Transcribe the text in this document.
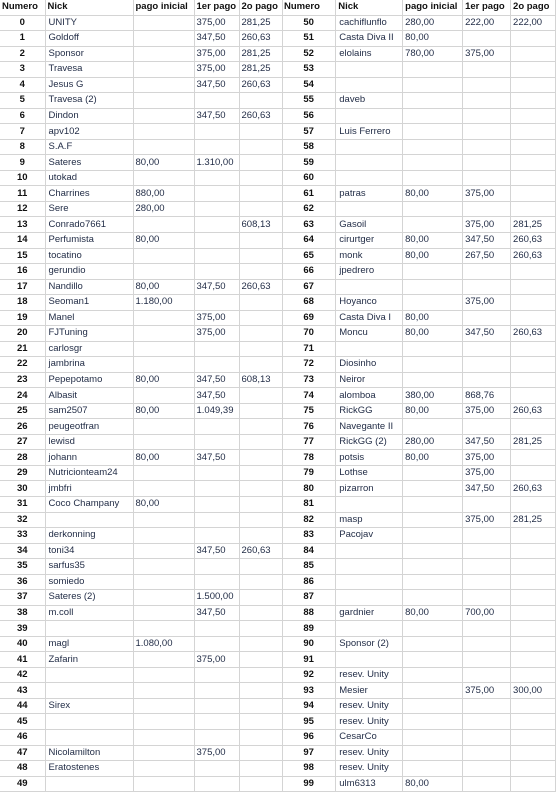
Numero	Nick	pago inicial	1er pago	2o pago
0	UNITY		375,00	281,25
1	Goldoff		347,50	260,63
2	Sponsor		375,00	281,25
3	Travesa		375,00	281,25
4	Jesus G		347,50	260,63
5	Travesa (2)			
6	Dindon		347,50	260,63
7	apv102			
8	S.A.F			
9	Sateres	80,00	1.310,00	
10	utokad			
11	Charrines	880,00		
12	Sere	280,00		
13	Conrado7661			608,13
14	Perfumista	80,00		
15	tocatino			
16	gerundio			
17	Nandillo	80,00	347,50	260,63
18	Seoman1	1.180,00		
19	Manel		375,00	
20	FJTuning		375,00	
21	carlosgr			
22	jambrina			
23	Pepepotamo	80,00	347,50	608,13
24	Albasit		347,50	
25	sam2507	80,00	1.049,39	
26	peugeotfran			
27	lewisd			
28	johann	80,00	347,50	
29	Nutricionteam24			
30	jmbfri			
31	Coco Champany	80,00		
32				
33	derkonning			
34	toni34		347,50	260,63
35	sarfus35			
36	somiedo			
37	Sateres (2)		1.500,00	
38	m.coll		347,50	
39				
40	magl	1.080,00		
41	Zafarin		375,00	
42				
43				
44	Sirex			
45				
46				
47	Nicolamilton		375,00	
48	Eratostenes			
49				
Numero	Nick	pago inicial	1er pago	2o pago
50	cachiflunflo	280,00	222,00	222,00
51	Casta Diva II	80,00		
52	elolains	780,00	375,00	
53				
54				
55	daveb			
56				
57	Luis Ferrero			
58				
59				
60				
61	patras	80,00	375,00	
62				
63	Gasoil		375,00	281,25
64	cirurtger	80,00	347,50	260,63
65	monk	80,00	267,50	260,63
66	jpedrero			
67				
68	Hoyanco		375,00	
69	Casta Diva I	80,00		
70	Moncu	80,00	347,50	260,63
71				
72	Diosinho			
73	Neiror			
74	alomboa	380,00	868,76	
75	RickGG	80,00	375,00	260,63
76	Navegante II			
77	RickGG (2)	280,00	347,50	281,25
78	potsis	80,00	375,00	
79	Lothse		375,00	
80	pizarron		347,50	260,63
81				
82	masp		375,00	281,25
83	Pacojav			
84				
85				
86				
87				
88	gardnier	80,00	700,00	
89				
90	Sponsor (2)			
91				
92	resev. Unity			
93	Mesier		375,00	300,00
94	resev. Unity			
95	resev. Unity			
96	CesarCo			
97	resev. Unity			
98	resev. Unity			
99	ulm6313	80,00		
